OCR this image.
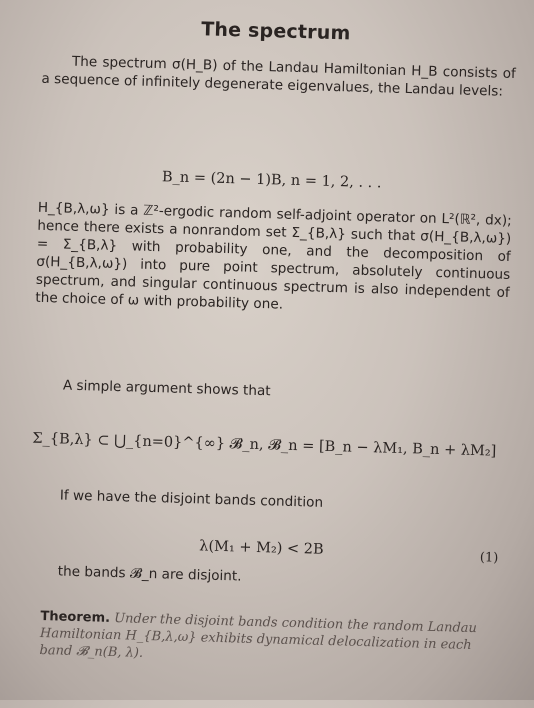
The spectrum

The spectrum σ(H_B) of the Landau Hamiltonian H_B consists of a sequence of infinitely degenerate eigenvalues, the Landau levels:

B_n = (2n − 1)B, n = 1, 2, . . .

H_{B,λ,ω} is a ℤ²-ergodic random self-adjoint operator on L²(ℝ², dx); hence there exists a nonrandom set Σ_{B,λ} such that σ(H_{B,λ,ω}) = Σ_{B,λ} with probability one, and the decomposition of σ(H_{B,λ,ω}) into pure point spectrum, absolutely continuous spectrum, and singular continuous spectrum is also independent of the choice of ω with probability one.

A simple argument shows that

Σ_{B,λ} ⊂ ⋃_{n=0}^{∞} 𝓑_n, 𝓑_n = [B_n − λM₁, B_n + λM₂]

If we have the disjoint bands condition

λ(M₁ + M₂) < 2B
(1)

the bands 𝓑_n are disjoint.

Theorem. Under the disjoint bands condition the random Landau Hamiltonian H_{B,λ,ω} exhibits dynamical delocalization in each band 𝓑_n(B, λ).
